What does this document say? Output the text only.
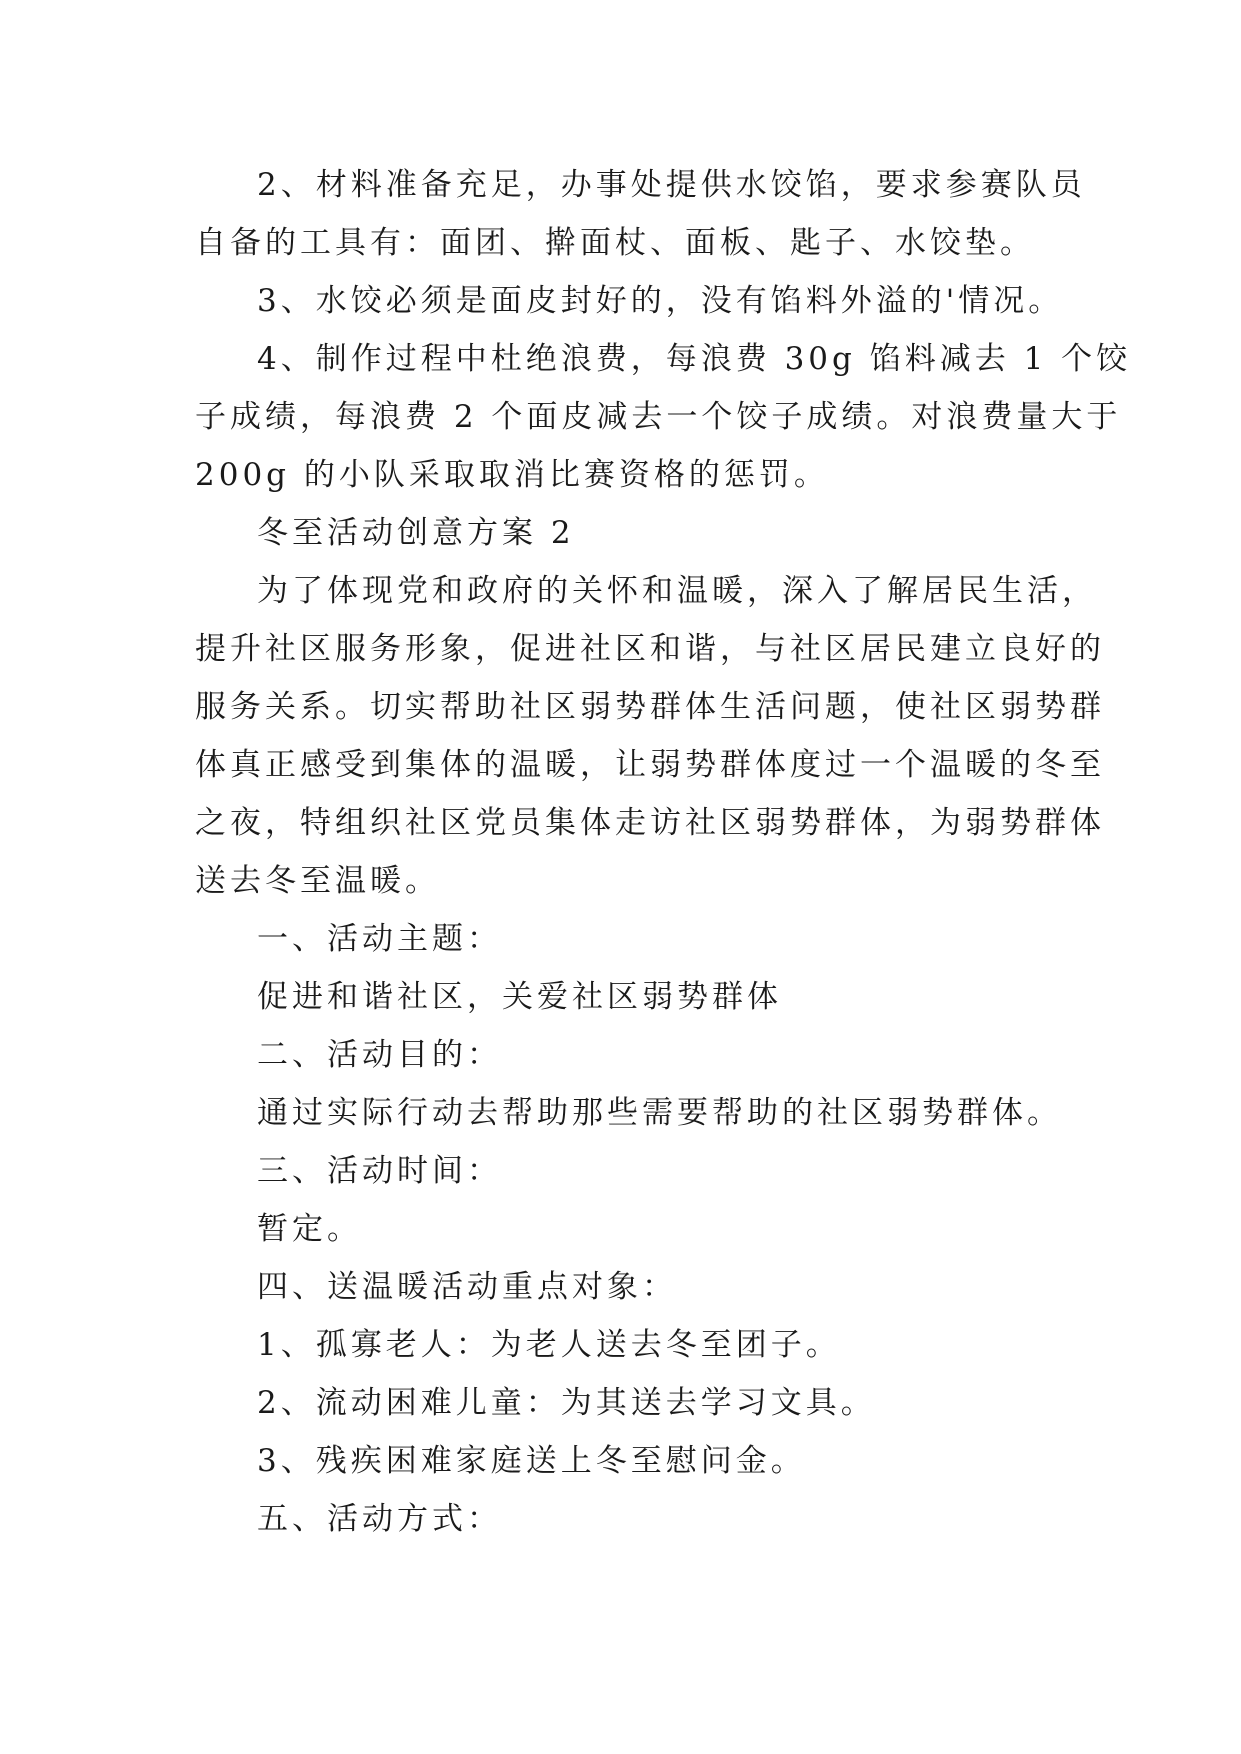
2、材料准备充足，办事处提供水饺馅，要求参赛队员
自备的工具有：面团、擀面杖、面板、匙子、水饺垫。
3、水饺必须是面皮封好的，没有馅料外溢的'情况。
4、制作过程中杜绝浪费，每浪费 30g 馅料减去 1 个饺
子成绩，每浪费 2 个面皮减去一个饺子成绩。对浪费量大于
200g 的小队采取取消比赛资格的惩罚。
冬至活动创意方案 2
为了体现党和政府的关怀和温暖，深入了解居民生活，
提升社区服务形象，促进社区和谐，与社区居民建立良好的
服务关系。切实帮助社区弱势群体生活问题，使社区弱势群
体真正感受到集体的温暖，让弱势群体度过一个温暖的冬至
之夜，特组织社区党员集体走访社区弱势群体，为弱势群体
送去冬至温暖。
一、活动主题：
促进和谐社区，关爱社区弱势群体
二、活动目的：
通过实际行动去帮助那些需要帮助的社区弱势群体。
三、活动时间：
暂定。
四、送温暖活动重点对象：
1、孤寡老人：为老人送去冬至团子。
2、流动困难儿童：为其送去学习文具。
3、残疾困难家庭送上冬至慰问金。
五、活动方式：
